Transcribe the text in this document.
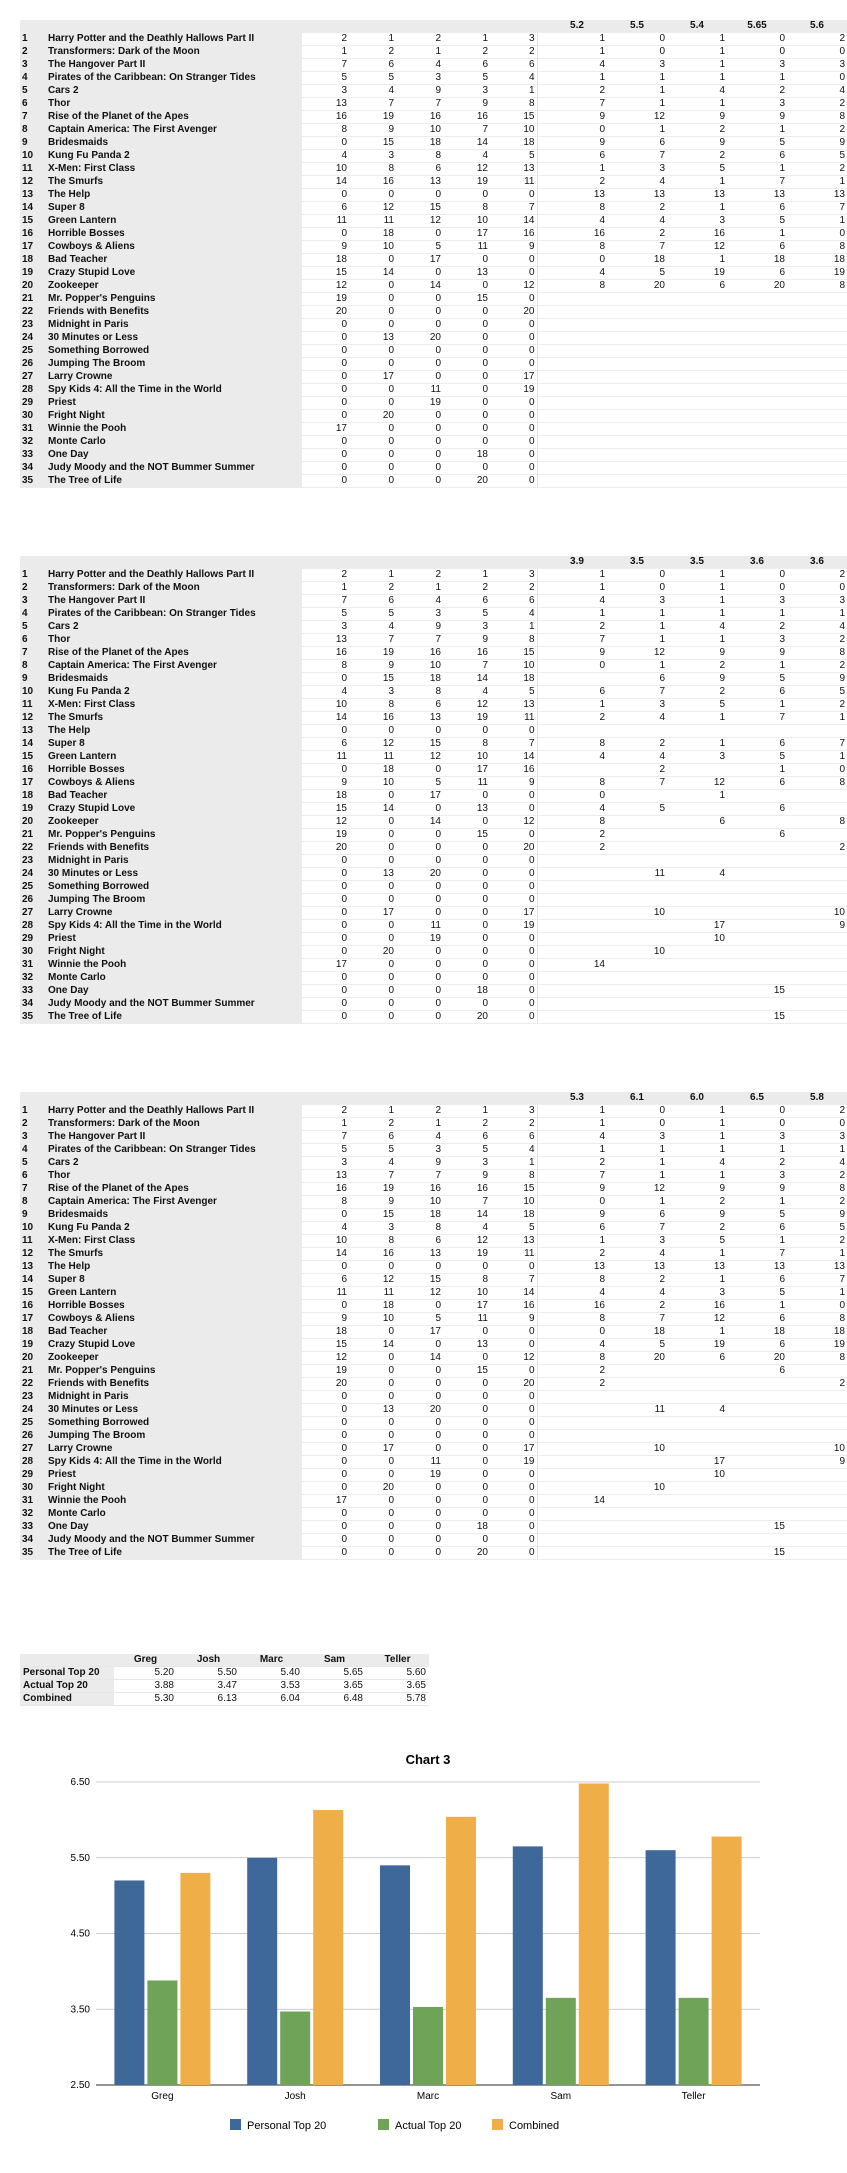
								5.2	5.5	5.4	5.65	5.6
1	Harry Potter and the Deathly Hallows Part II	2	1	2	1	3		1	0	1	0	2
2	Transformers: Dark of the Moon	1	2	1	2	2		1	0	1	0	0
3	The Hangover Part II	7	6	4	6	6		4	3	1	3	3
4	Pirates of the Caribbean: On Stranger Tides	5	5	3	5	4		1	1	1	1	0
5	Cars 2	3	4	9	3	1		2	1	4	2	4
6	Thor	13	7	7	9	8		7	1	1	3	2
7	Rise of the Planet of the Apes	16	19	16	16	15		9	12	9	9	8
8	Captain America: The First Avenger	8	9	10	7	10		0	1	2	1	2
9	Bridesmaids	0	15	18	14	18		9	6	9	5	9
10	Kung Fu Panda 2	4	3	8	4	5		6	7	2	6	5
11	X-Men: First Class	10	8	6	12	13		1	3	5	1	2
12	The Smurfs	14	16	13	19	11		2	4	1	7	1
13	The Help	0	0	0	0	0		13	13	13	13	13
14	Super 8	6	12	15	8	7		8	2	1	6	7
15	Green Lantern	11	11	12	10	14		4	4	3	5	1
16	Horrible Bosses	0	18	0	17	16		16	2	16	1	0
17	Cowboys & Aliens	9	10	5	11	9		8	7	12	6	8
18	Bad Teacher	18	0	17	0	0		0	18	1	18	18
19	Crazy Stupid Love	15	14	0	13	0		4	5	19	6	19
20	Zookeeper	12	0	14	0	12		8	20	6	20	8
21	Mr. Popper's Penguins	19	0	0	15	0						
22	Friends with Benefits	20	0	0	0	20						
23	Midnight in Paris	0	0	0	0	0						
24	30 Minutes or Less	0	13	20	0	0						
25	Something Borrowed	0	0	0	0	0						
26	Jumping The Broom	0	0	0	0	0						
27	Larry Crowne	0	17	0	0	17						
28	Spy Kids 4: All the Time in the World	0	0	11	0	19						
29	Priest	0	0	19	0	0						
30	Fright Night	0	20	0	0	0						
31	Winnie the Pooh	17	0	0	0	0						
32	Monte Carlo	0	0	0	0	0						
33	One Day	0	0	0	18	0						
34	Judy Moody and the NOT Bummer Summer	0	0	0	0	0						
35	The Tree of Life	0	0	0	20	0						
								3.9	3.5	3.5	3.6	3.6
1	Harry Potter and the Deathly Hallows Part II	2	1	2	1	3		1	0	1	0	2
2	Transformers: Dark of the Moon	1	2	1	2	2		1	0	1	0	0
3	The Hangover Part II	7	6	4	6	6		4	3	1	3	3
4	Pirates of the Caribbean: On Stranger Tides	5	5	3	5	4		1	1	1	1	1
5	Cars 2	3	4	9	3	1		2	1	4	2	4
6	Thor	13	7	7	9	8		7	1	1	3	2
7	Rise of the Planet of the Apes	16	19	16	16	15		9	12	9	9	8
8	Captain America: The First Avenger	8	9	10	7	10		0	1	2	1	2
9	Bridesmaids	0	15	18	14	18			6	9	5	9
10	Kung Fu Panda 2	4	3	8	4	5		6	7	2	6	5
11	X-Men: First Class	10	8	6	12	13		1	3	5	1	2
12	The Smurfs	14	16	13	19	11		2	4	1	7	1
13	The Help	0	0	0	0	0						
14	Super 8	6	12	15	8	7		8	2	1	6	7
15	Green Lantern	11	11	12	10	14		4	4	3	5	1
16	Horrible Bosses	0	18	0	17	16			2		1	0
17	Cowboys & Aliens	9	10	5	11	9		8	7	12	6	8
18	Bad Teacher	18	0	17	0	0		0		1		
19	Crazy Stupid Love	15	14	0	13	0		4	5		6	
20	Zookeeper	12	0	14	0	12		8		6		8
21	Mr. Popper's Penguins	19	0	0	15	0		2			6	
22	Friends with Benefits	20	0	0	0	20		2				2
23	Midnight in Paris	0	0	0	0	0						
24	30 Minutes or Less	0	13	20	0	0			11	4		
25	Something Borrowed	0	0	0	0	0						
26	Jumping The Broom	0	0	0	0	0						
27	Larry Crowne	0	17	0	0	17			10			10
28	Spy Kids 4: All the Time in the World	0	0	11	0	19				17		9
29	Priest	0	0	19	0	0				10		
30	Fright Night	0	20	0	0	0			10			
31	Winnie the Pooh	17	0	0	0	0		14				
32	Monte Carlo	0	0	0	0	0						
33	One Day	0	0	0	18	0					15	
34	Judy Moody and the NOT Bummer Summer	0	0	0	0	0						
35	The Tree of Life	0	0	0	20	0					15	
								5.3	6.1	6.0	6.5	5.8
1	Harry Potter and the Deathly Hallows Part II	2	1	2	1	3		1	0	1	0	2
2	Transformers: Dark of the Moon	1	2	1	2	2		1	0	1	0	0
3	The Hangover Part II	7	6	4	6	6		4	3	1	3	3
4	Pirates of the Caribbean: On Stranger Tides	5	5	3	5	4		1	1	1	1	1
5	Cars 2	3	4	9	3	1		2	1	4	2	4
6	Thor	13	7	7	9	8		7	1	1	3	2
7	Rise of the Planet of the Apes	16	19	16	16	15		9	12	9	9	8
8	Captain America: The First Avenger	8	9	10	7	10		0	1	2	1	2
9	Bridesmaids	0	15	18	14	18		9	6	9	5	9
10	Kung Fu Panda 2	4	3	8	4	5		6	7	2	6	5
11	X-Men: First Class	10	8	6	12	13		1	3	5	1	2
12	The Smurfs	14	16	13	19	11		2	4	1	7	1
13	The Help	0	0	0	0	0		13	13	13	13	13
14	Super 8	6	12	15	8	7		8	2	1	6	7
15	Green Lantern	11	11	12	10	14		4	4	3	5	1
16	Horrible Bosses	0	18	0	17	16		16	2	16	1	0
17	Cowboys & Aliens	9	10	5	11	9		8	7	12	6	8
18	Bad Teacher	18	0	17	0	0		0	18	1	18	18
19	Crazy Stupid Love	15	14	0	13	0		4	5	19	6	19
20	Zookeeper	12	0	14	0	12		8	20	6	20	8
21	Mr. Popper's Penguins	19	0	0	15	0		2			6	
22	Friends with Benefits	20	0	0	0	20		2				2
23	Midnight in Paris	0	0	0	0	0						
24	30 Minutes or Less	0	13	20	0	0			11	4		
25	Something Borrowed	0	0	0	0	0						
26	Jumping The Broom	0	0	0	0	0						
27	Larry Crowne	0	17	0	0	17			10			10
28	Spy Kids 4: All the Time in the World	0	0	11	0	19				17		9
29	Priest	0	0	19	0	0				10		
30	Fright Night	0	20	0	0	0			10			
31	Winnie the Pooh	17	0	0	0	0		14				
32	Monte Carlo	0	0	0	0	0						
33	One Day	0	0	0	18	0					15	
34	Judy Moody and the NOT Bummer Summer	0	0	0	0	0						
35	The Tree of Life	0	0	0	20	0					15	
	Greg	Josh	Marc	Sam	Teller
Personal Top 20	5.20	5.50	5.40	5.65	5.60
Actual Top 20	3.88	3.47	3.53	3.65	3.65
Combined	5.30	6.13	6.04	6.48	5.78
Chart 3
2.50
3.50
4.50
5.50
6.50
Greg	Josh	Marc	Sam	Teller
Personal Top 20	Actual Top 20	Combined
